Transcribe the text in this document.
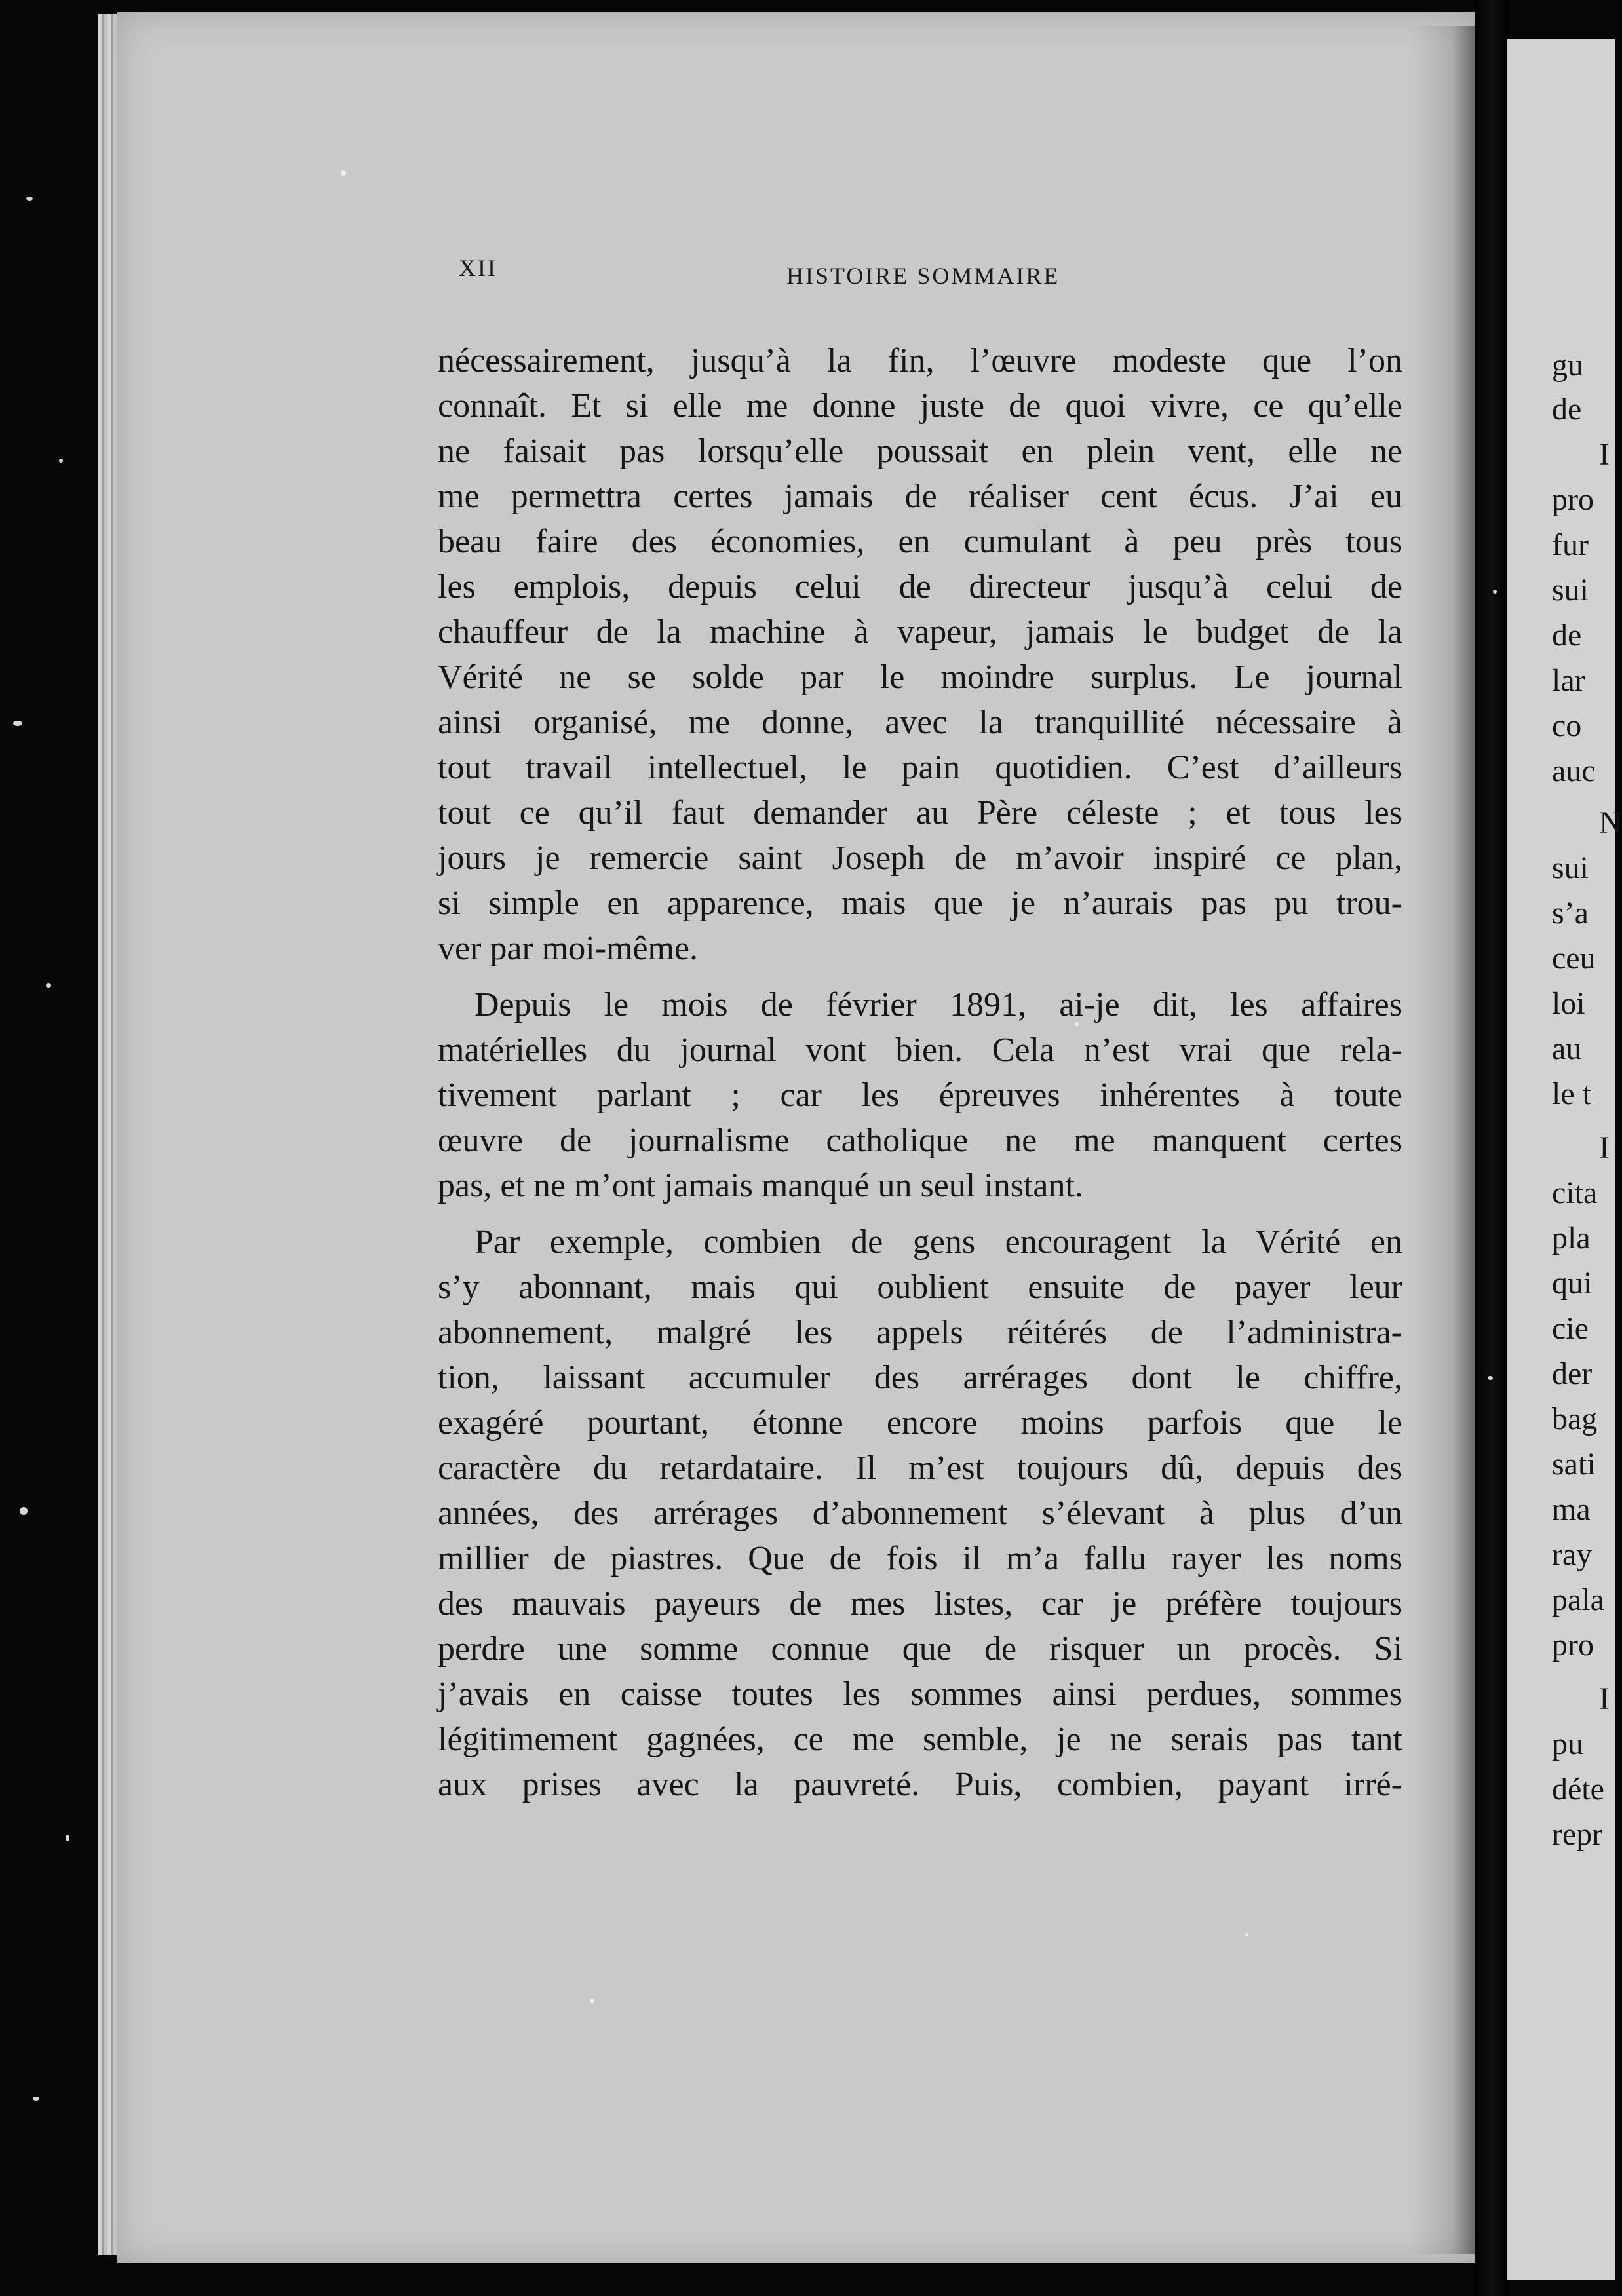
XII	HISTOIRE SOMMAIRE
nécessairement, jusqu’à la fin, l’œuvre modeste que l’on
connaît. Et si elle me donne juste de quoi vivre, ce qu’elle
ne faisait pas lorsqu’elle poussait en plein vent, elle ne
me permettra certes jamais de réaliser cent écus. J’ai eu
beau faire des économies, en cumulant à peu près tous
les emplois, depuis celui de directeur jusqu’à celui de
chauffeur de la machine à vapeur, jamais le budget de la
Vérité ne se solde par le moindre surplus. Le journal
ainsi organisé, me donne, avec la tranquillité nécessaire à
tout travail intellectuel, le pain quotidien. C’est d’ailleurs
tout ce qu’il faut demander au Père céleste ; et tous les
jours je remercie saint Joseph de m’avoir inspiré ce plan,
si simple en apparence, mais que je n’aurais pas pu trou-
ver par moi-même.
Depuis le mois de février 1891, ai-je dit, les affaires
matérielles du journal vont bien. Cela n’est vrai que rela-
tivement parlant ; car les épreuves inhérentes à toute
œuvre de journalisme catholique ne me manquent certes
pas, et ne m’ont jamais manqué un seul instant.
Par exemple, combien de gens encouragent la Vérité en
s’y abonnant, mais qui oublient ensuite de payer leur
abonnement, malgré les appels réitérés de l’administra-
tion, laissant accumuler des arrérages dont le chiffre,
exagéré pourtant, étonne encore moins parfois que le
caractère du retardataire. Il m’est toujours dû, depuis des
années, des arrérages d’abonnement s’élevant à plus d’un
millier de piastres. Que de fois il m’a fallu rayer les noms
des mauvais payeurs de mes listes, car je préfère toujours
perdre une somme connue que de risquer un procès. Si
j’avais en caisse toutes les sommes ainsi perdues, sommes
légitimement gagnées, ce me semble, je ne serais pas tant
aux prises avec la pauvreté. Puis, combien, payant irré-
gu
de
I
pro
fur
sui
de
lar
co
auc
N
sui
s’a
ceu
loi
au
le t
I
cita
pla
qui
cie
der
bag
sati
ma
ray
pala
pro
I
pu
déte
repr
